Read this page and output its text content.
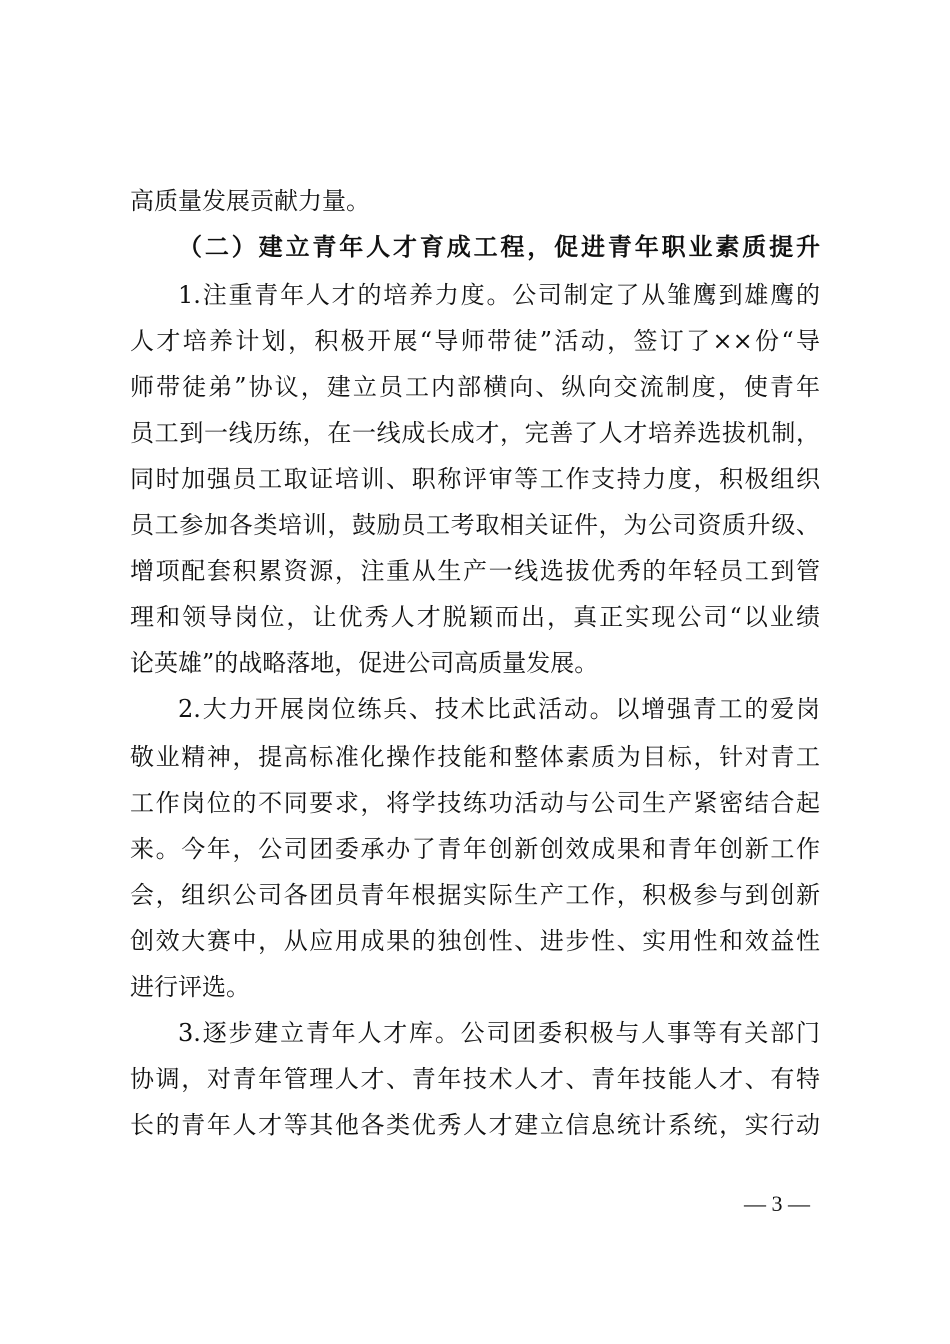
高质量发展贡献力量。
（二）建立青年人才育成工程，促进青年职业素质提升
1.注重青年人才的培养力度。公司制定了从雏鹰到雄鹰的
人才培养计划，积极开展“导师带徒”活动，签订了××份“导
师带徒弟”协议，建立员工内部横向、纵向交流制度，使青年
员工到一线历练，在一线成长成才，完善了人才培养选拔机制，
同时加强员工取证培训、职称评审等工作支持力度，积极组织
员工参加各类培训，鼓励员工考取相关证件，为公司资质升级、
增项配套积累资源，注重从生产一线选拔优秀的年轻员工到管
理和领导岗位，让优秀人才脱颖而出，真正实现公司“以业绩
论英雄”的战略落地，促进公司高质量发展。
2.大力开展岗位练兵、技术比武活动。以增强青工的爱岗
敬业精神，提高标准化操作技能和整体素质为目标，针对青工
工作岗位的不同要求，将学技练功活动与公司生产紧密结合起
来。今年，公司团委承办了青年创新创效成果和青年创新工作
会，组织公司各团员青年根据实际生产工作，积极参与到创新
创效大赛中，从应用成果的独创性、进步性、实用性和效益性
进行评选。
3.逐步建立青年人才库。公司团委积极与人事等有关部门
协调，对青年管理人才、青年技术人才、青年技能人才、有特
长的青年人才等其他各类优秀人才建立信息统计系统，实行动
— 3 —
